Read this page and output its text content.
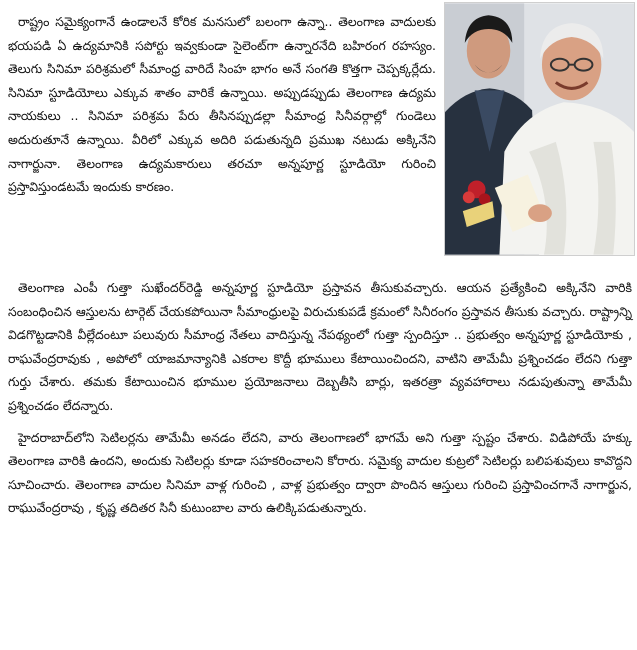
రాష్ట్రం సమైక్యంగానే ఉండాలనే కోరిక మనసులో బలంగా ఉన్నా.. తెలంగాణ వాదులకు భయపడి ఏ ఉద్యమానికి సపోర్టు ఇవ్వకుండా సైలెంట్‌గా ఉన్నారనేది బహిరంగ రహస్యం. తెలుగు సినిమా పరిశ్రమలో సీమాంధ్ర వారిదే సింహ భాగం అనే సంగతి కొత్తగా చెప్పక్కర్లేదు. సినిమా స్టూడియోలు ఎక్కువ శాతం వారికే ఉన్నాయి. అప్పుడప్పుడు తెలంగాణ ఉద్యమ నాయకులు .. సినిమా పరిశ్రమ పేరు తీసినప్పుడల్లా సీమాంధ్ర సినీవర్గాల్లో గుండెలు అదురుతూనే ఉన్నాయి. వీరిలో ఎక్కువ అదిరి పడుతున్నది ప్రముఖ నటుడు అక్కినేని నాగార్జునా. తెలంగాణ ఉద్యమకారులు తరచూ అన్నపూర్ణ స్టూడియో గురించి ప్రస్తావిస్తుండటమే ఇందుకు కారణం.

తెలంగాణ ఎంపీ గుత్తా సుఖేందర్‌రెడ్డి అన్నపూర్ణ స్టూడియో ప్రస్తావన తీసుకువచ్చారు. ఆయన ప్రత్యేకించి అక్కినేని వారికి సంబంధించిన ఆస్తులను టార్గెట్ చేయకపోయినా సీమాంధ్రులపై విరుచుకుపడే క్రమంలో సినీరంగం ప్రస్తావన తీసుకు వచ్చారు. రాష్ట్రాన్ని విడగొట్టడానికి వీల్లేదంటూ పలువురు సీమాంధ్ర నేతలు వాదిస్తున్న నేపథ్యంలో గుత్తా స్పందిస్తూ .. ప్రభుత్వం అన్నపూర్ణ స్టూడియోకు , రాఘవేంద్రరావుకు , అపోలో యాజమాన్యానికి ఎకరాల కొద్దీ భూములు కేటాయించిందని, వాటిని తామేమీ ప్రశ్నించడం లేదని గుత్తా గుర్తు చేశారు. తమకు కేటాయించిన భూముల ప్రయోజనాలు దెబ్బతీసి బార్లు, ఇతరత్రా వ్యవహారాలు నడుపుతున్నా తామేమీ ప్రశ్నించడం లేదన్నారు.

హైదరాబాద్‌లోని సెటిలర్లను తామేమీ అనడం లేదని, వారు తెలంగాణలో భాగమే అని గుత్తా స్పష్టం చేశారు. విడిపోయే హక్కు తెలంగాణ వారికి ఉందని, అందుకు సెటిలర్లు కూడా సహకరించాలని కోరారు. సమైక్య వాదుల కుట్రలో సెటిలర్లు బలిపశువులు కావొద్దని సూచించారు. తెలంగాణ వాదుల సినిమా వాళ్ల గురించి , వాళ్ల ప్రభుత్వం ద్వారా పొందిన ఆస్తులు గురించి ప్రస్తావించగానే నాగార్జున, రాఘువేంద్రరావు , కృష్ణ తదితర సినీ కుటుంబాల వారు ఉలిక్కిపడుతున్నారు.
